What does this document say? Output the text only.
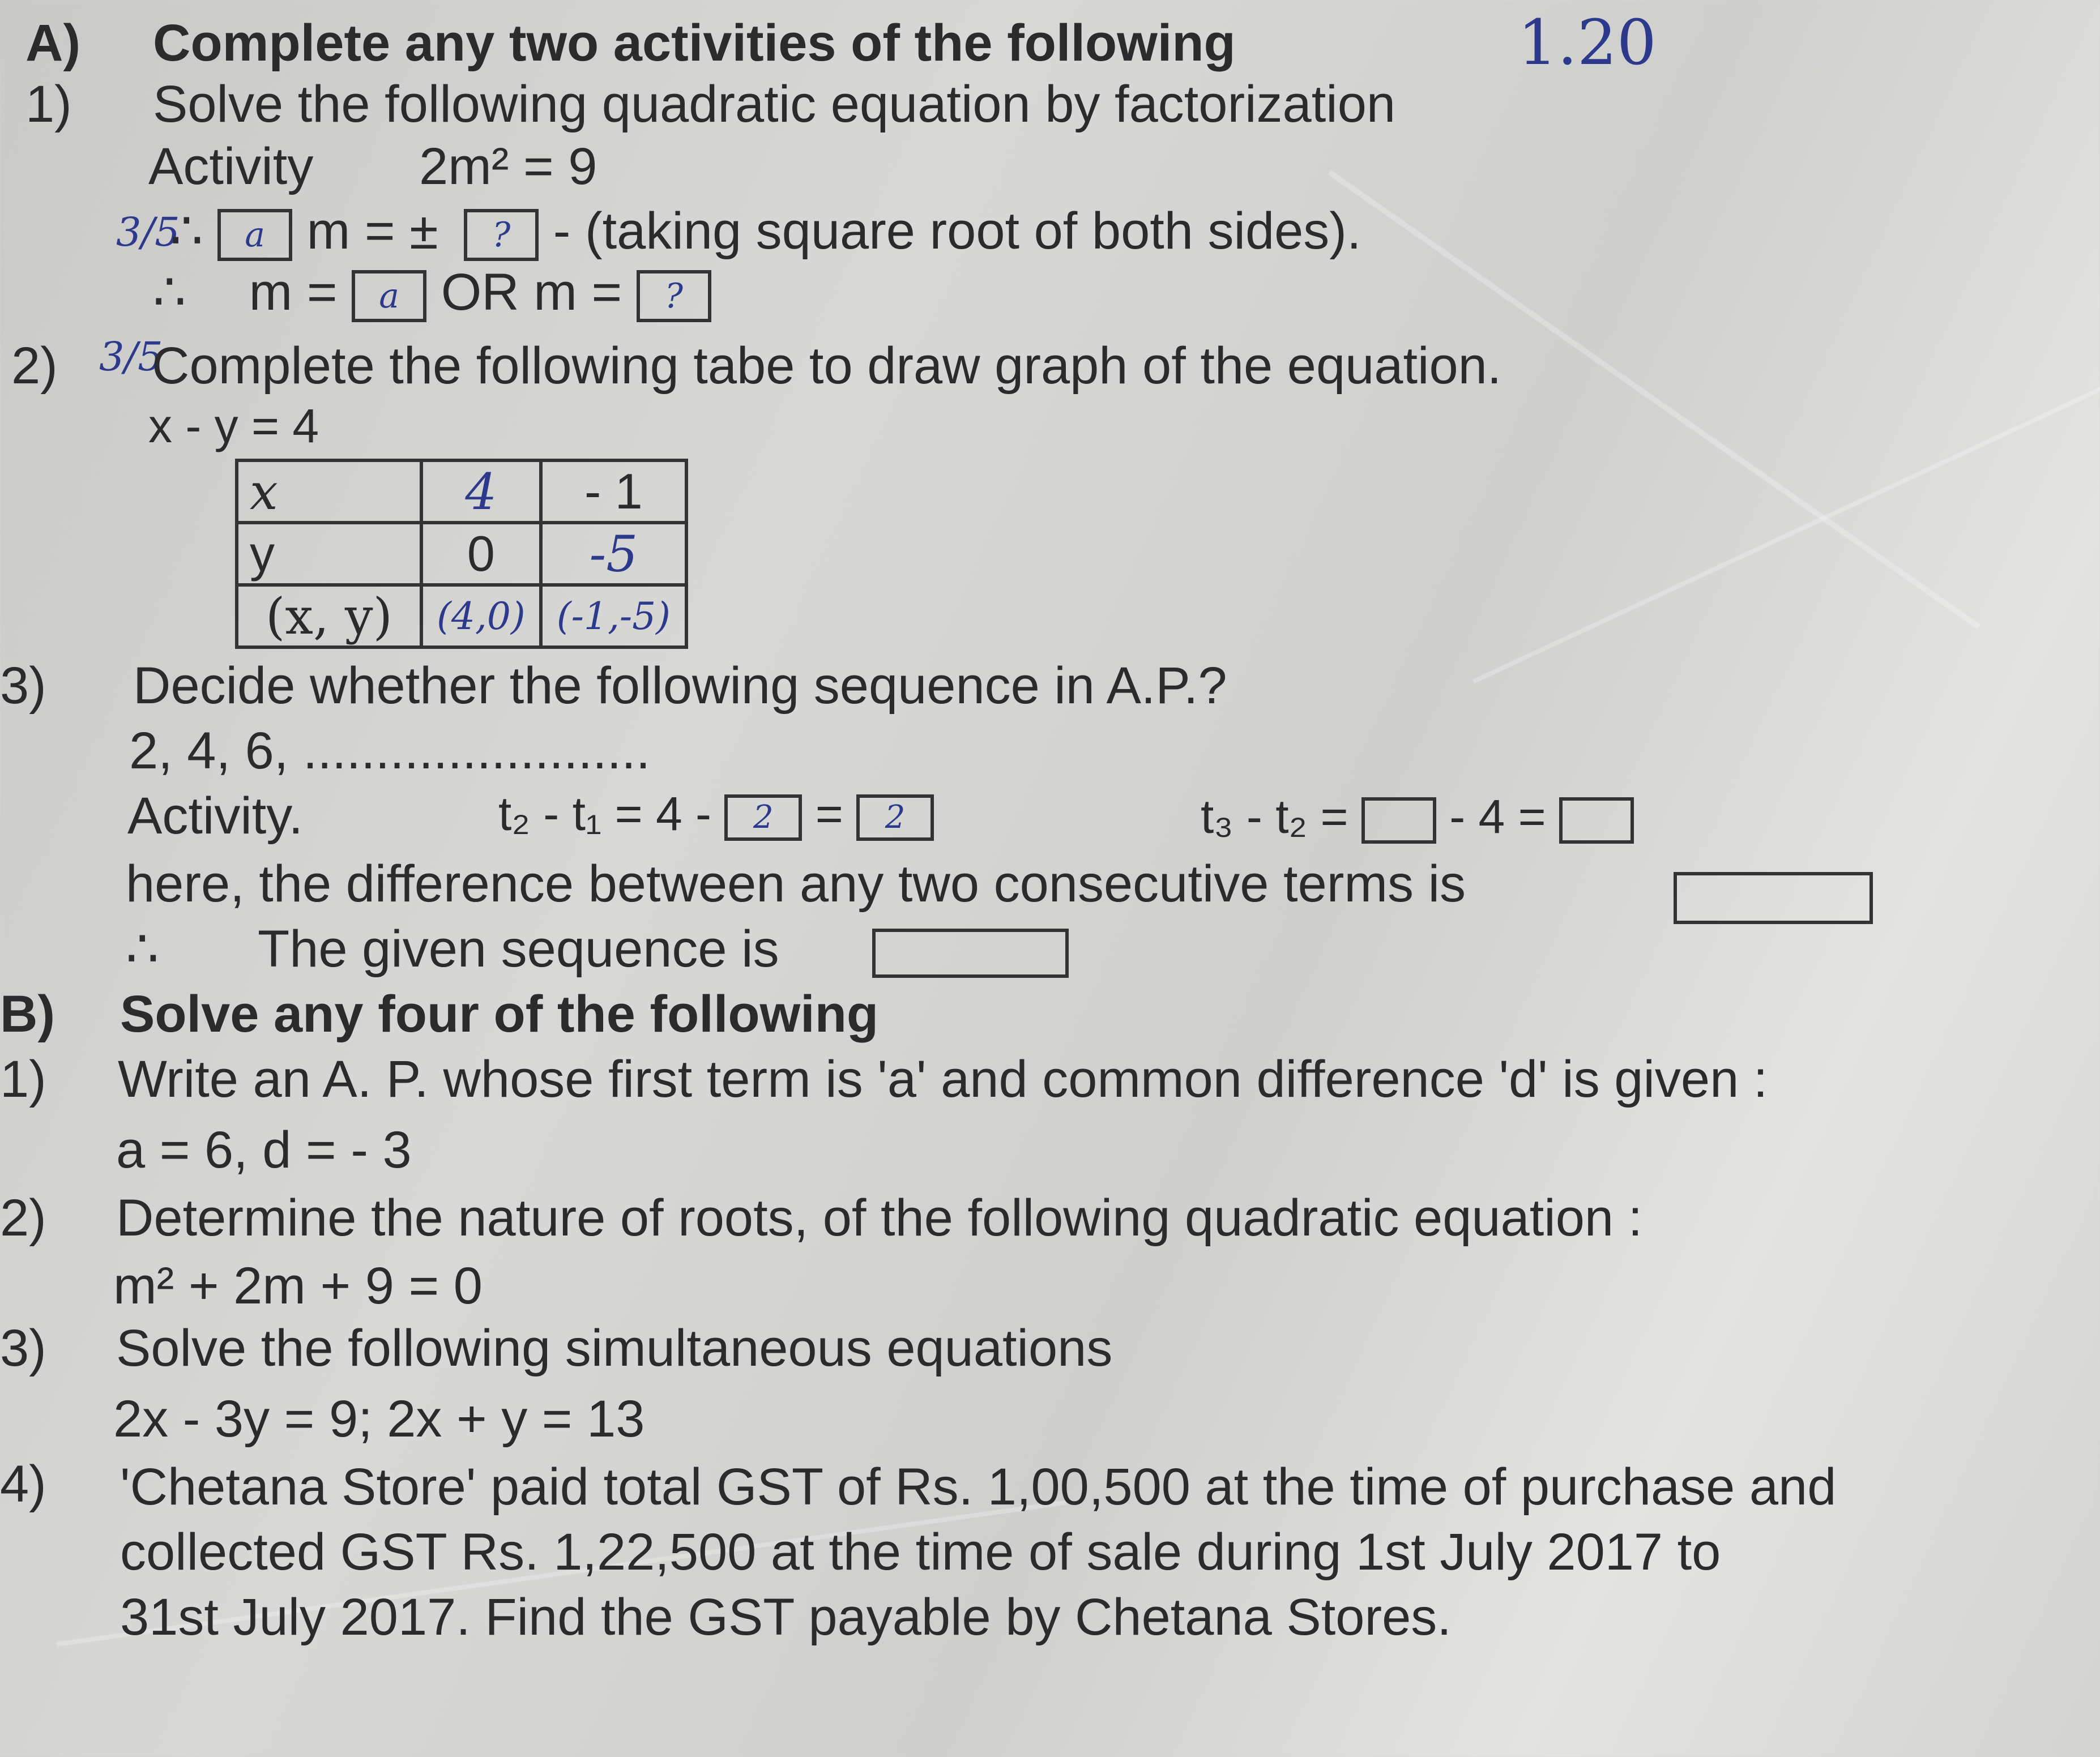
A) Complete any two activities of the following	1.20
1) Solve the following quadratic equation by factorization
Activity 2m² = 9
3/5
∴ a m = ± ? - (taking square root of both sides).
∴ m = a OR m = ?
2) 3/5
Complete the following tabe to draw graph of the equation.
x - y = 4
x	4	- 1
y	0	-5
(x, y)	(4,0)	(-1,-5)
3) Decide whether the following sequence in A.P.?
2, 4, 6, ........................
Activity.	t₂ - t₁ = 4 - 2 = 2	t₃ - t₂ = - 4 =
here, the difference between any two consecutive terms is
∴ The given sequence is
B) Solve any four of the following
1) Write an A. P. whose first term is 'a' and common difference 'd' is given :
a = 6, d = - 3
2) Determine the nature of roots, of the following quadratic equation :
m² + 2m + 9 = 0
3) Solve the following simultaneous equations
2x - 3y = 9; 2x + y = 13
4) 'Chetana Store' paid total GST of Rs. 1,00,500 at the time of purchase and
collected GST Rs. 1,22,500 at the time of sale during 1st July 2017 to
31st July 2017. Find the GST payable by Chetana Stores.
